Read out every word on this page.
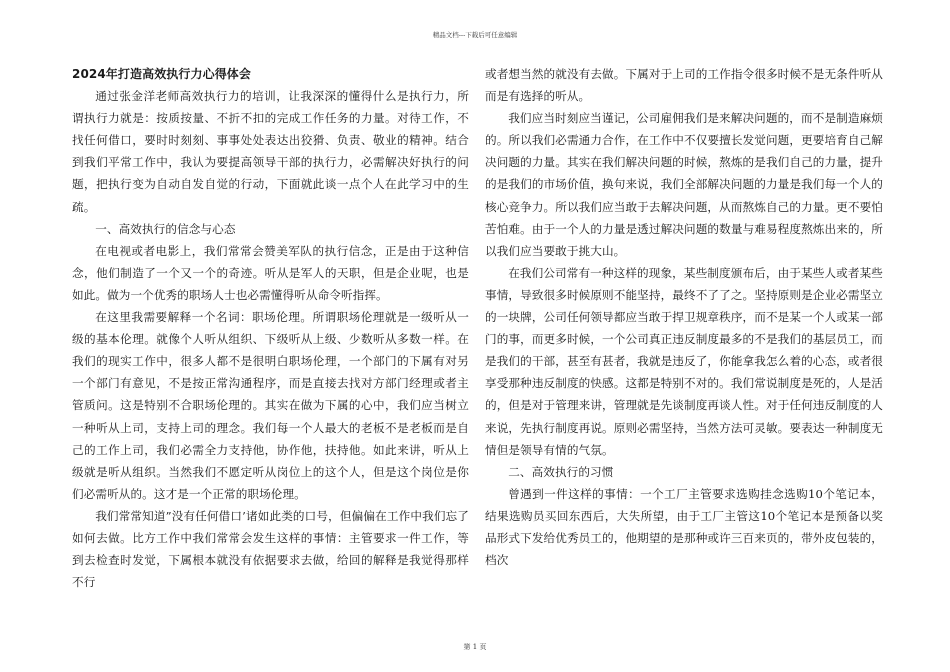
精品文档---下载后可任意编辑

2024年打造高效执行力心得体会

通过张金洋老师高效执行力的培训，让我深深的懂得什么是执行力，所谓执行力就是：按质按量、不折不扣的完成工作任务的力量。对待工作，不找任何借口，要时时刻刻、事事处处表达出狡猾、负责、敬业的精神。结合到我们平常工作中，我认为要提高领导干部的执行力，必需解决好执行的问题，把执行变为自动自发自觉的行动，下面就此谈一点个人在此学习中的生疏。

一、高效执行的信念与心态

在电视或者电影上，我们常常会赞美军队的执行信念，正是由于这种信念，他们制造了一个又一个的奇迹。听从是军人的天职，但是企业呢，也是如此。做为一个优秀的职场人士也必需懂得听从命令听指挥。

在这里我需要解释一个名词：职场伦理。所谓职场伦理就是一级听从一级的基本伦理。就像个人听从组织、下级听从上级、少数听从多数一样。在我们的现实工作中，很多人都不是很明白职场伦理，一个部门的下属有对另一个部门有意见，不是按正常沟通程序，而是直接去找对方部门经理或者主管质问。这是特别不合职场伦理的。其实在做为下属的心中，我们应当树立一种听从上司，支持上司的理念。我们每一个人最大的老板不是老板而是自己的工作上司，我们必需全力支持他，协作他，扶持他。如此来讲，听从上级就是听从组织。当然我们不愿定听从岗位上的这个人，但是这个岗位是你们必需听从的。这才是一个正常的职场伦理。

我们常常知道”没有任何借口’诸如此类的口号，但偏偏在工作中我们忘了如何去做。比方工作中我们常常会发生这样的事情：主管要求一件工作，等到去检查时发觉，下属根本就没有依据要求去做，给回的解释是我觉得那样不行

或者想当然的就没有去做。下属对于上司的工作指令很多时候不是无条件听从而是有选择的听从。

我们应当时刻应当谨记，公司雇佣我们是来解决问题的，而不是制造麻烦的。所以我们必需通力合作，在工作中不仅要擅长发觉问题，更要培育自己解决问题的力量。其实在我们解决问题的时候，熬炼的是我们自己的力量，提升的是我们的市场价值，换句来说，我们全部解决问题的力量是我们每一个人的核心竞争力。所以我们应当敢于去解决问题，从而熬炼自己的力量。更不要怕苦怕难。由于一个人的力量是透过解决问题的数量与难易程度熬炼出来的，所以我们应当要敢于挑大山。

在我们公司常有一种这样的现象，某些制度颁布后，由于某些人或者某些事情，导致很多时候原则不能坚持，最终不了了之。坚持原则是企业必需坚立的一块牌，公司任何领导都应当敢于捍卫规章秩序，而不是某一个人或某一部门的事，而更多时候，一个公司真正违反制度最多的不是我们的基层员工，而是我们的干部，甚至有甚者，我就是违反了，你能拿我怎么着的心态，或者很享受那种违反制度的快感。这都是特别不对的。我们常说制度是死的，人是活的，但是对于管理来讲，管理就是先谈制度再谈人性。对于任何违反制度的人来说，先执行制度再说。原则必需坚持，当然方法可灵敏。要表达一种制度无情但是领导有情的气氛。

二、高效执行的习惯

曾遇到一件这样的事情：一个工厂主管要求选购挂念选购10个笔记本，结果选购员买回东西后，大失所望，由于工厂主管这10个笔记本是预备以奖品形式下发给优秀员工的，他期望的是那种或许三百来页的，带外皮包装的，档次

第 1 页
